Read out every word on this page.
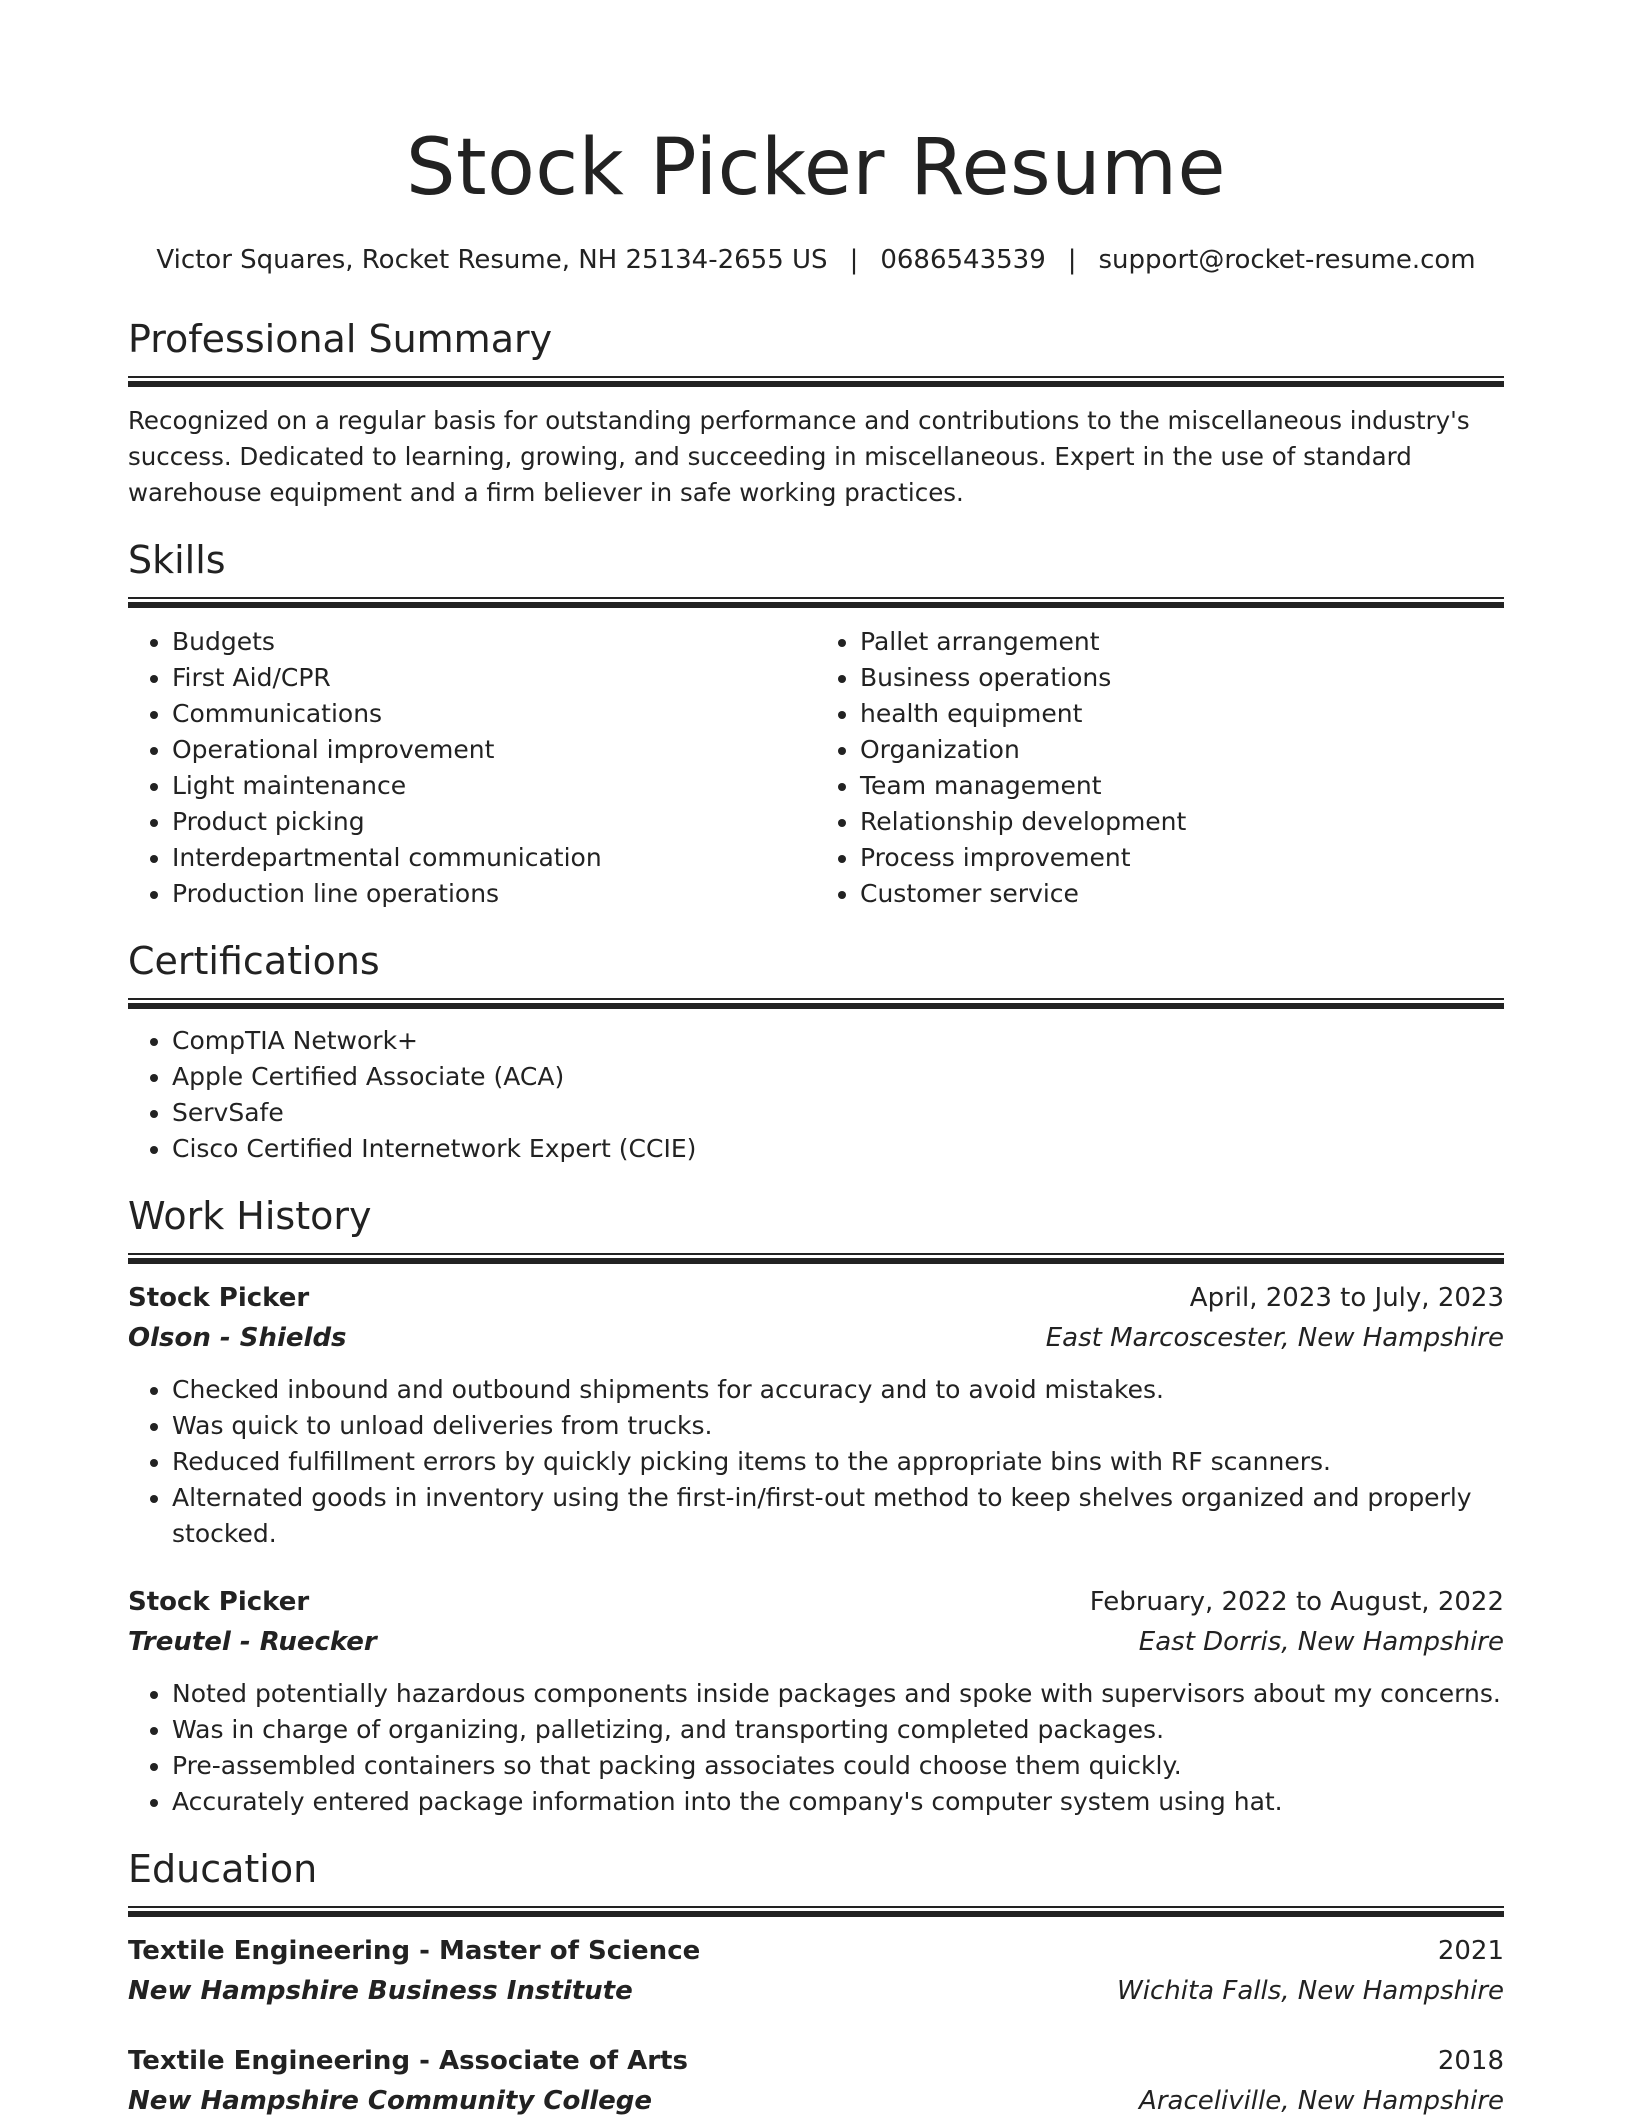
Stock Picker Resume
Victor Squares, Rocket Resume, NH 25134-2655 US | 0686543539 | support@rocket-resume.com
Professional Summary

Recognized on a regular basis for outstanding performance and contributions to the miscellaneous industry's success. Dedicated to learning, growing, and succeeding in miscellaneous. Expert in the use of standard warehouse equipment and a firm believer in safe working practices.

Skills
• Budgets
• First Aid/CPR
• Communications
• Operational improvement
• Light maintenance
• Product picking
• Interdepartmental communication
• Production line operations
• Pallet arrangement
• Business operations
• health equipment
• Organization
• Team management
• Relationship development
• Process improvement
• Customer service
Certifications
• CompTIA Network+
• Apple Certified Associate (ACA)
• ServSafe
• Cisco Certified Internetwork Expert (CCIE)
Work History
Stock Picker	April, 2023 to July, 2023
Olson - Shields	East Marcoscester, New Hampshire
• Checked inbound and outbound shipments for accuracy and to avoid mistakes.
• Was quick to unload deliveries from trucks.
• Reduced fulfillment errors by quickly picking items to the appropriate bins with RF scanners.
• Alternated goods in inventory using the first-in/first-out method to keep shelves organized and properly stocked.
Stock Picker	February, 2022 to August, 2022
Treutel - Ruecker	East Dorris, New Hampshire
• Noted potentially hazardous components inside packages and spoke with supervisors about my concerns.
• Was in charge of organizing, palletizing, and transporting completed packages.
• Pre-assembled containers so that packing associates could choose them quickly.
• Accurately entered package information into the company's computer system using hat.
Education
Textile Engineering - Master of Science	2021
New Hampshire Business Institute	Wichita Falls, New Hampshire
Textile Engineering - Associate of Arts	2018
New Hampshire Community College	Araceliville, New Hampshire
